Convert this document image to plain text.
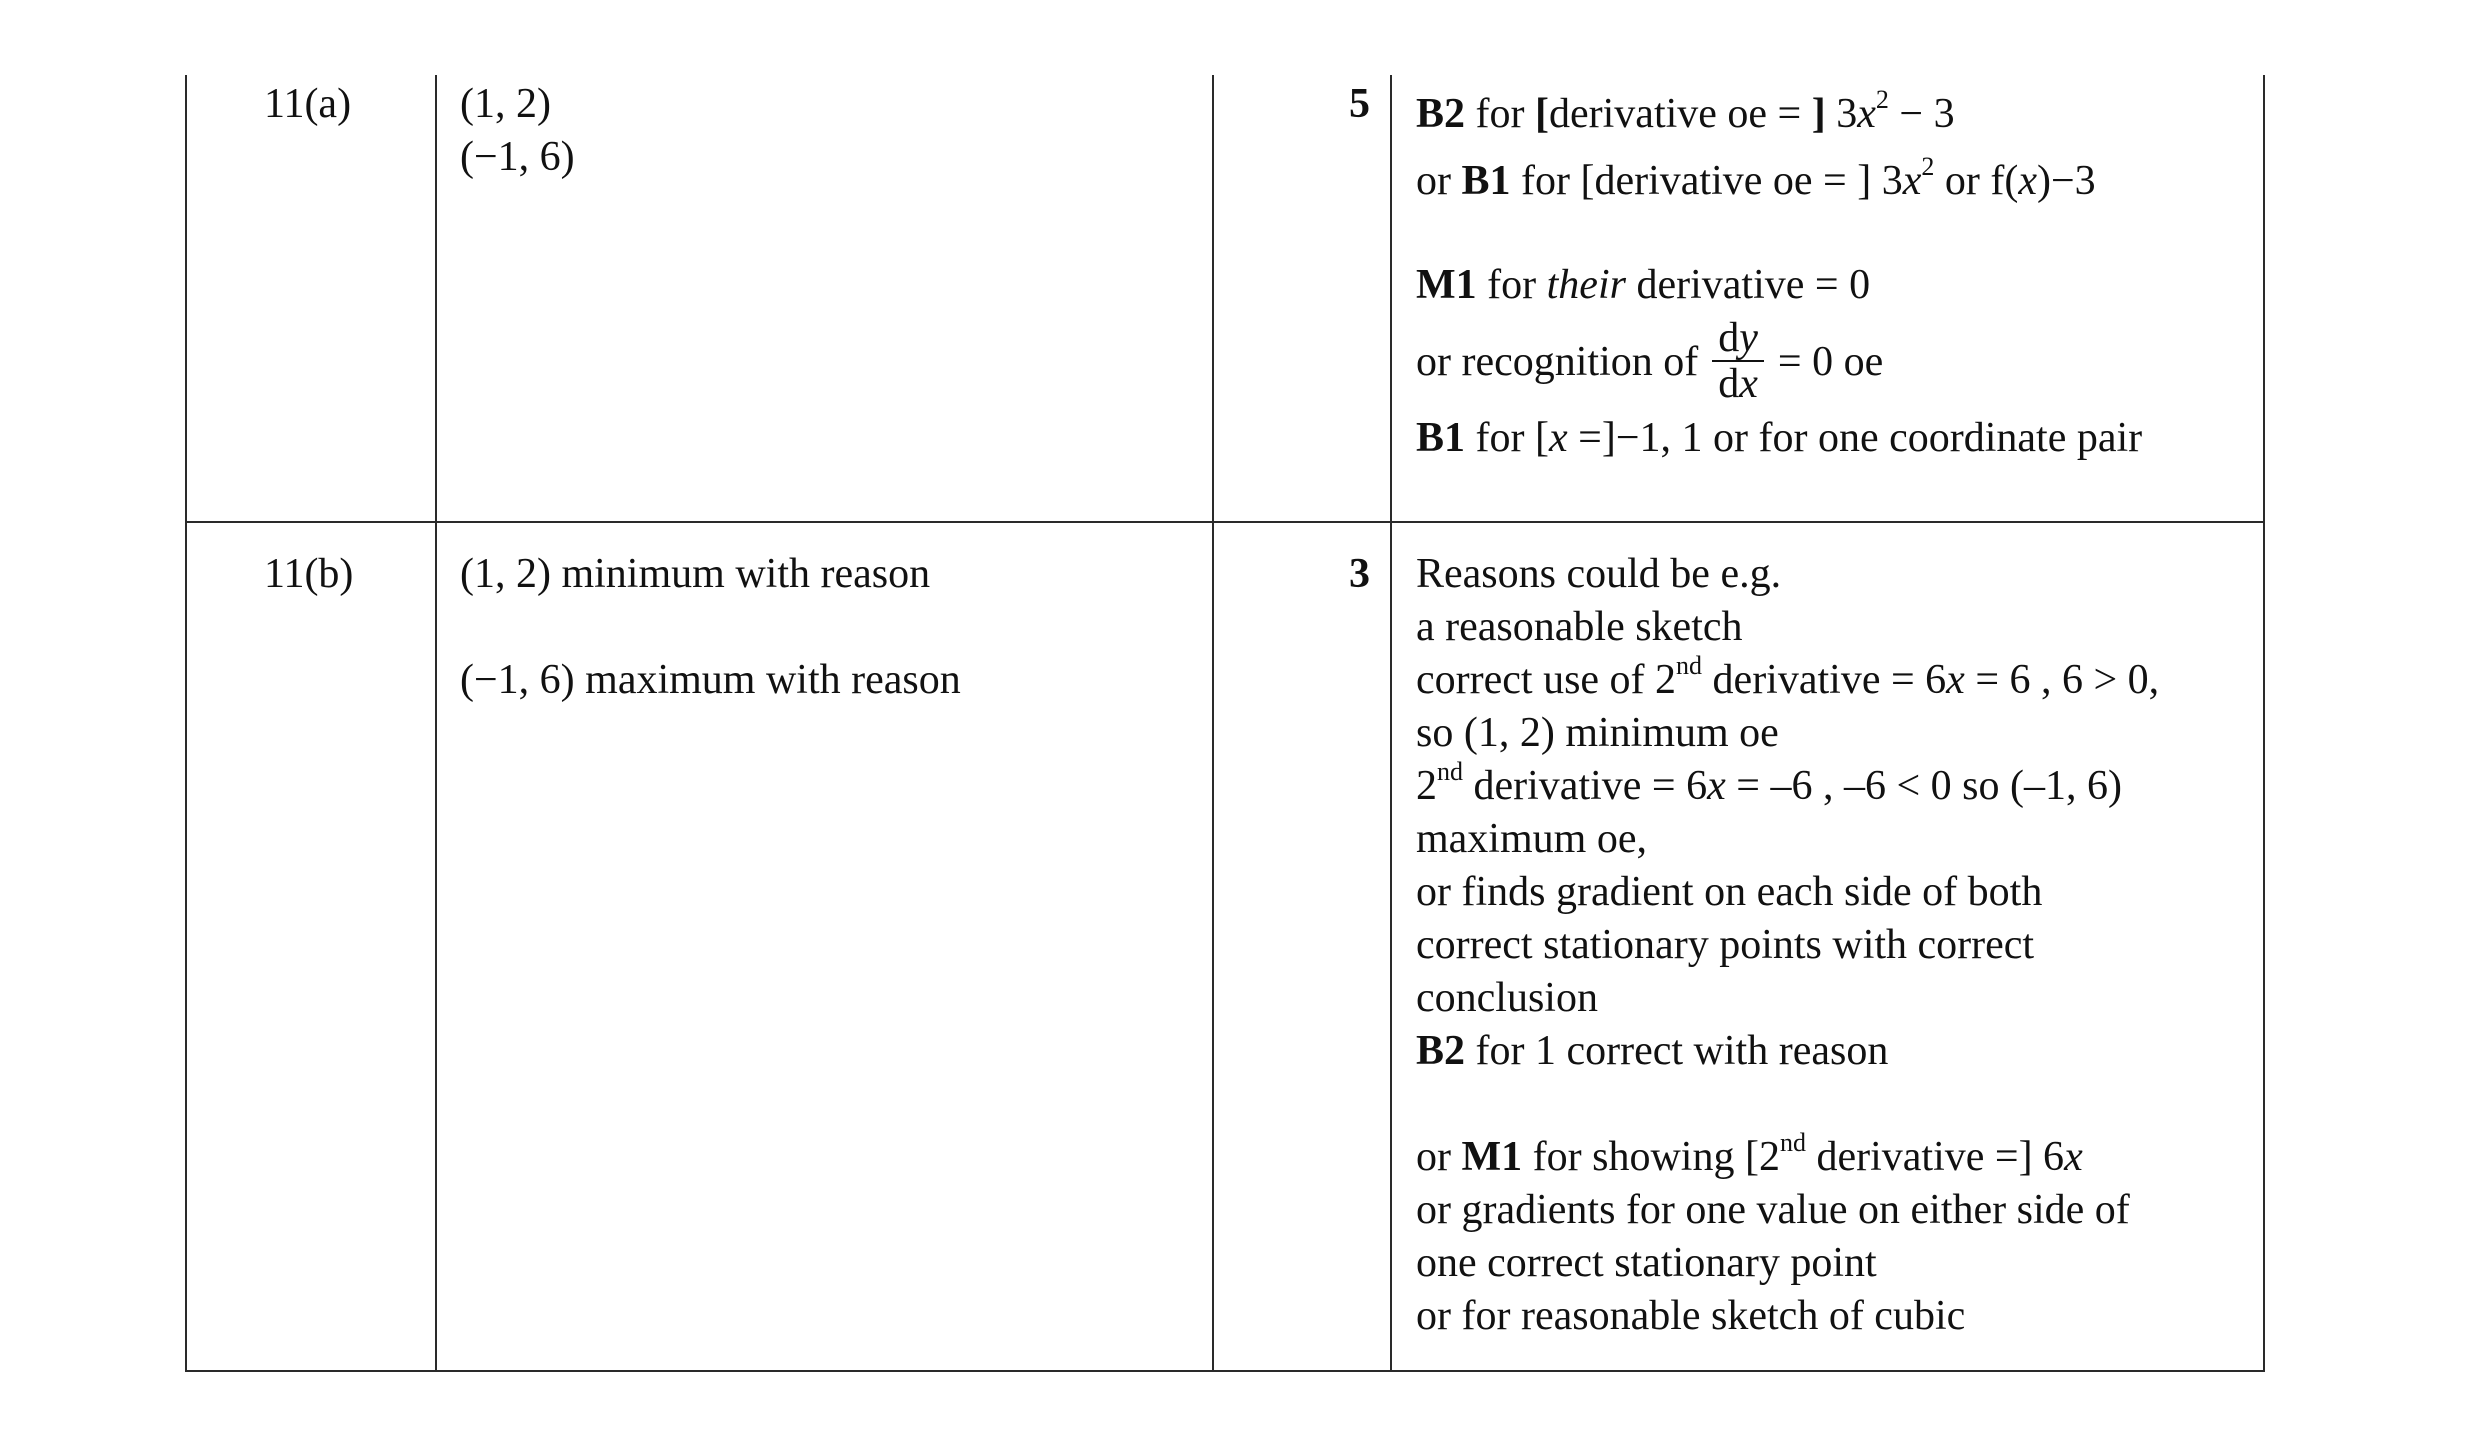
11(a)	(1, 2)
(−1, 6)
5 B2 for [derivative oe = ] $3x^2 - 3$
or B1 for [derivative oe = ] $3x^2$ or f(x)−3
M1 for their derivative = 0
or recognition of $\frac{dy}{dx} = 0$ oe
B1 for [x =]−1, 1 or for one coordinate pair
11(b)	(1, 2) minimum with reason
(−1, 6) maximum with reason
3 Reasons could be e.g.
a reasonable sketch
correct use of 2nd derivative = 6x = 6 , 6 > 0,
so (1, 2) minimum oe
2nd derivative = 6x = –6 , –6 < 0 so (–1, 6)
maximum oe,
or finds gradient on each side of both
correct stationary points with correct
conclusion
B2 for 1 correct with reason
or M1 for showing [2nd derivative =] 6x
or gradients for one value on either side of
one correct stationary point
or for reasonable sketch of cubic
